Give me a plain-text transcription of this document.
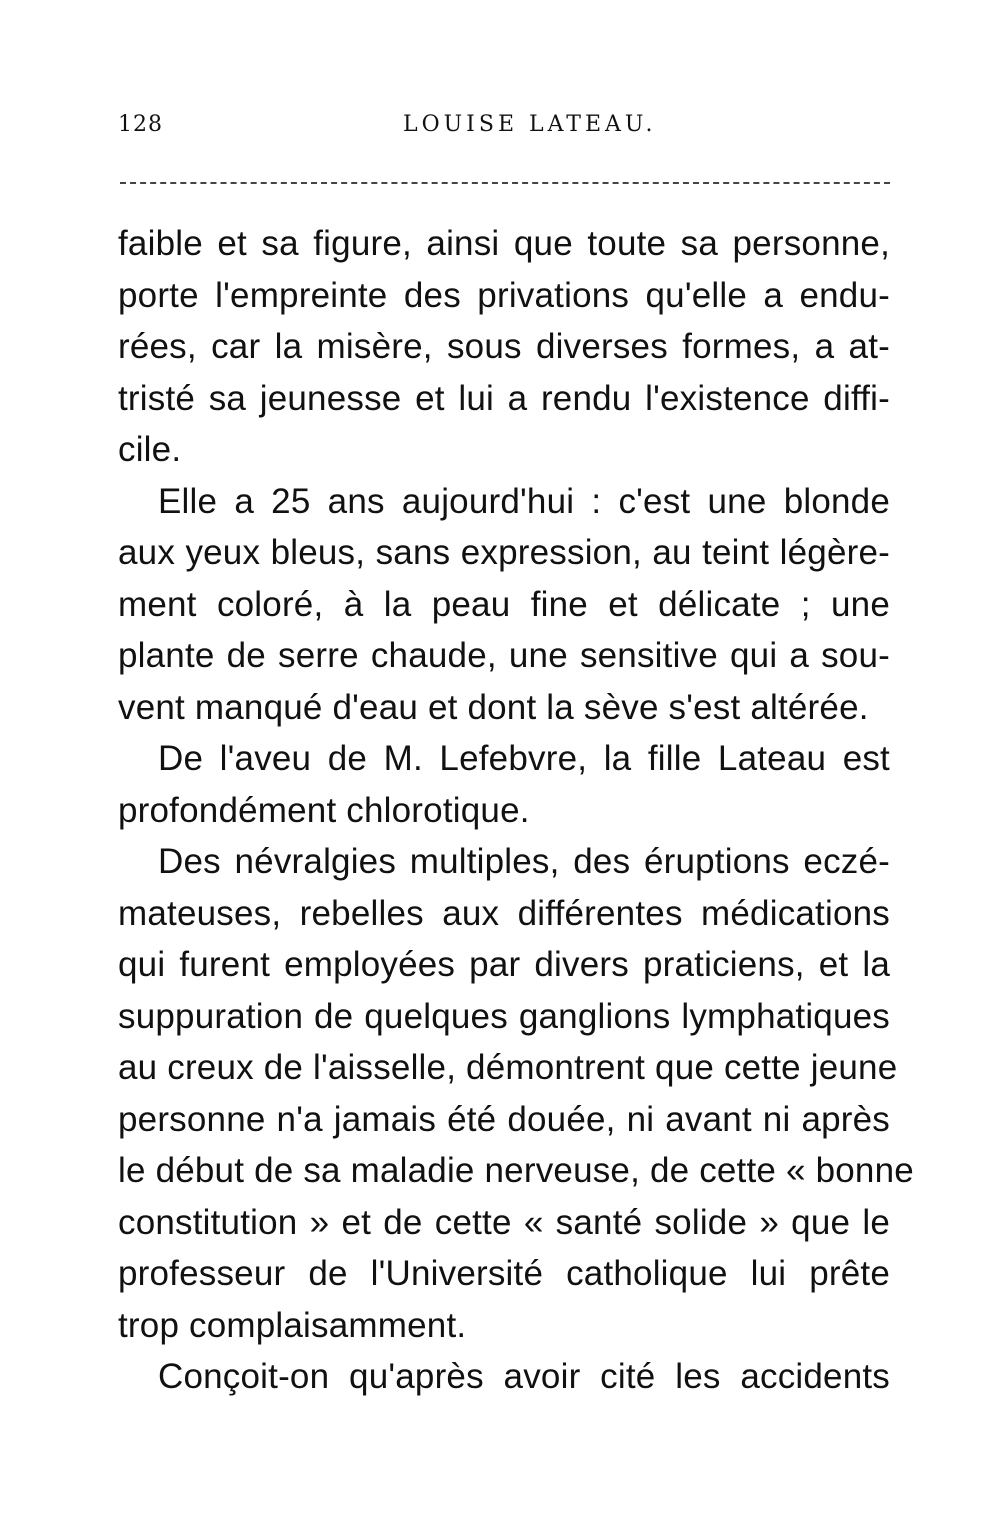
128	LOUISE LATEAU.
faible et sa figure, ainsi que toute sa personne,
porte l'empreinte des privations qu'elle a endu-
rées, car la misère, sous diverses formes, a at-
tristé sa jeunesse et lui a rendu l'existence diffi-
cile.
Elle a 25 ans aujourd'hui : c'est une blonde
aux yeux bleus, sans expression, au teint légère-
ment coloré, à la peau fine et délicate ; une
plante de serre chaude, une sensitive qui a sou-
vent manqué d'eau et dont la sève s'est altérée.
De l'aveu de M. Lefebvre, la fille Lateau est
profondément chlorotique.
Des névralgies multiples, des éruptions eczé-
mateuses, rebelles aux différentes médications
qui furent employées par divers praticiens, et la
suppuration de quelques ganglions lymphatiques
au creux de l'aisselle, démontrent que cette jeune
personne n'a jamais été douée, ni avant ni après
le début de sa maladie nerveuse, de cette « bonne
constitution » et de cette « santé solide » que le
professeur de l'Université catholique lui prête
trop complaisamment.
Conçoit-on qu'après avoir cité les accidents
